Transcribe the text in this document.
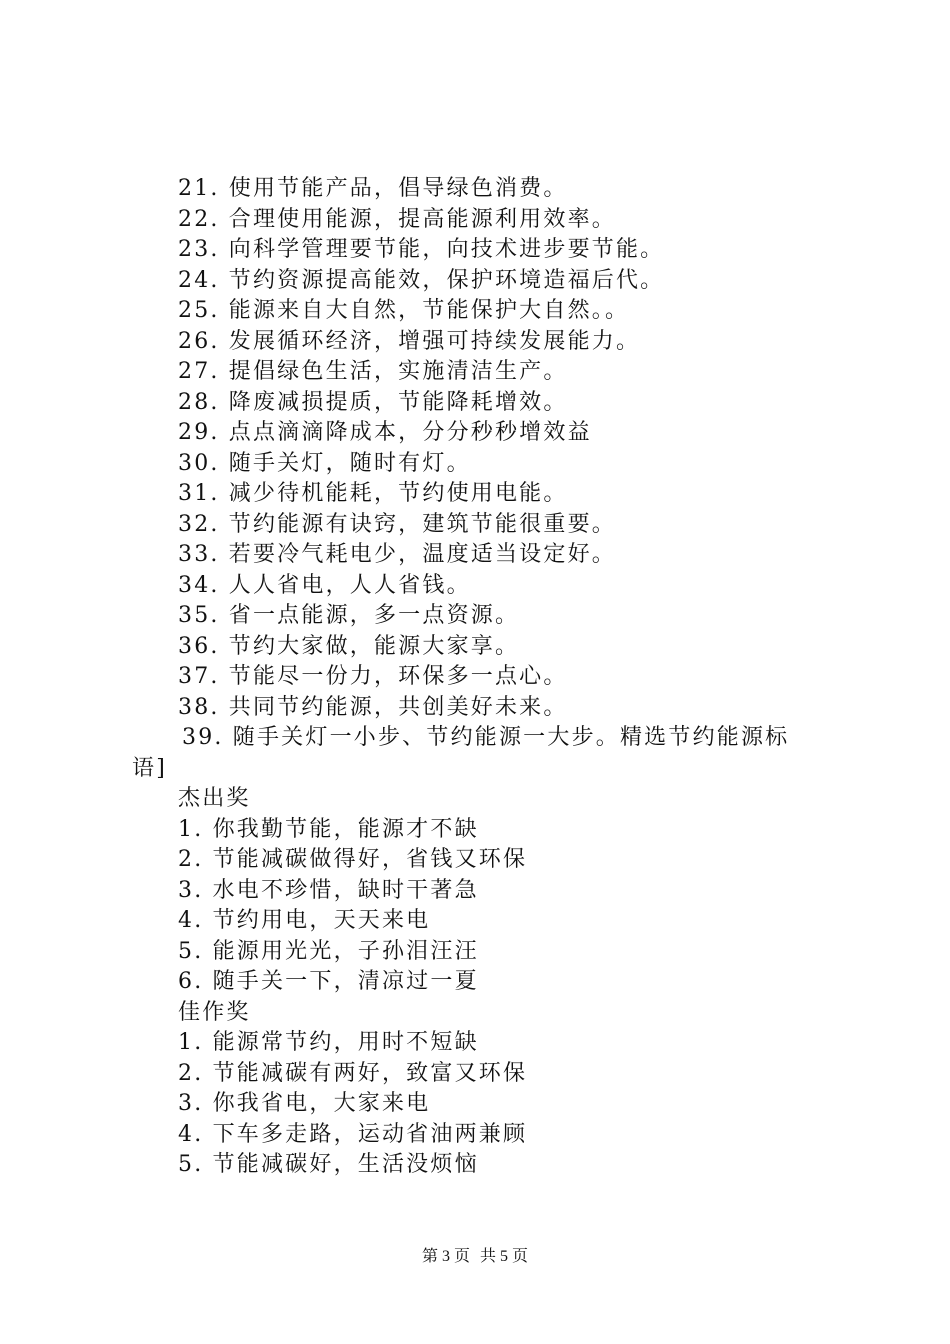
21. 使用节能产品，倡导绿色消费。
22. 合理使用能源，提高能源利用效率。
23. 向科学管理要节能，向技术进步要节能。
24. 节约资源提高能效，保护环境造福后代。
25. 能源来自大自然，节能保护大自然。。
26. 发展循环经济，增强可持续发展能力。
27. 提倡绿色生活，实施清洁生产。
28. 降废减损提质，节能降耗增效。
29. 点点滴滴降成本，分分秒秒增效益
30. 随手关灯，随时有灯。
31. 减少待机能耗，节约使用电能。
32. 节约能源有诀窍，建筑节能很重要。
33. 若要冷气耗电少，温度适当设定好。
34. 人人省电，人人省钱。
35. 省一点能源，多一点资源。
36. 节约大家做，能源大家享。
37. 节能尽一份力，环保多一点心。
38. 共同节约能源，共创美好未来。
39. 随手关灯一小步、节约能源一大步。精选节约能源标
语]
杰出奖
1. 你我勤节能，能源才不缺
2. 节能减碳做得好，省钱又环保
3. 水电不珍惜，缺时干著急
4. 节约用电，天天来电
5. 能源用光光，子孙泪汪汪
6. 随手关一下，清凉过一夏
佳作奖
1. 能源常节约，用时不短缺
2. 节能减碳有两好，致富又环保
3. 你我省电，大家来电
4. 下车多走路，运动省油两兼顾
5. 节能减碳好，生活没烦恼
第 3 页 共 5 页
